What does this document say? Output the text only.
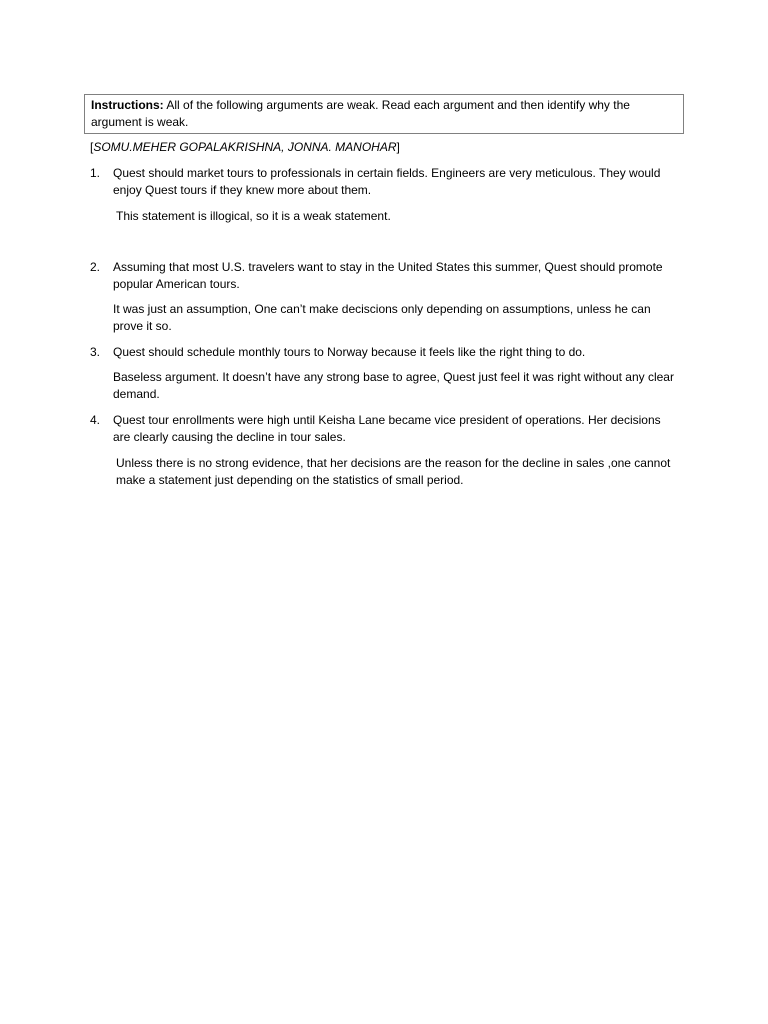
Instructions: All of the following arguments are weak. Read each argument and then identify why the argument is weak.
[SOMU.MEHER GOPALAKRISHNA, JONNA. MANOHAR]
1. Quest should market tours to professionals in certain fields. Engineers are very meticulous. They would enjoy Quest tours if they knew more about them.
This statement is illogical, so it is a weak statement.
2. Assuming that most U.S. travelers want to stay in the United States this summer, Quest should promote popular American tours.
It was just an assumption, One can’t make deciscions only depending on assumptions, unless he can prove it so.
3. Quest should schedule monthly tours to Norway because it feels like the right thing to do.
Baseless argument. It doesn’t have any strong base to agree, Quest just feel it was right without any clear demand.
4. Quest tour enrollments were high until Keisha Lane became vice president of operations. Her decisions are clearly causing the decline in tour sales.
Unless there is no strong evidence, that her decisions are the reason for the decline in sales ,one cannot make a statement just depending on the statistics of small period.
